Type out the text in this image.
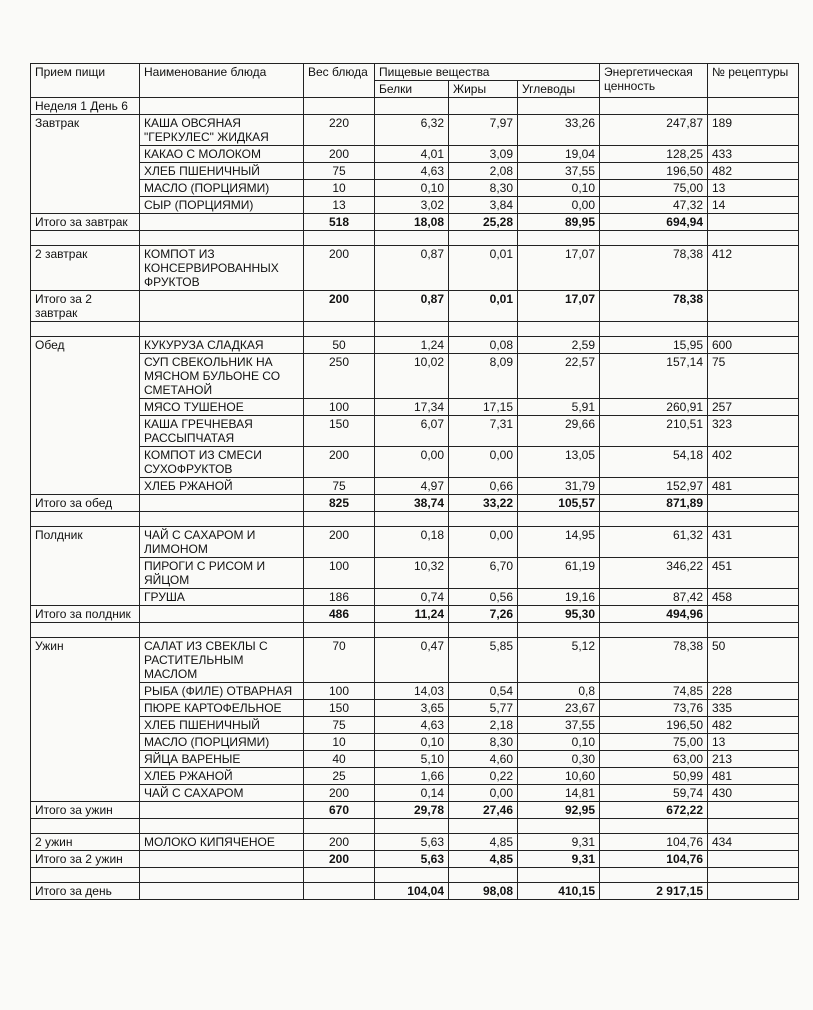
Прием пищи	Наименование блюда	Вес блюда	Пищевые вещества			Энергетическая ценность	№ рецептуры
			Белки	Жиры	Углеводы		
Неделя 1 День 6							
Завтрак	КАША ОВСЯНАЯ "ГЕРКУЛЕС" ЖИДКАЯ	220	6,32	7,97	33,26	247,87	189
	КАКАО С МОЛОКОМ	200	4,01	3,09	19,04	128,25	433
	ХЛЕБ ПШЕНИЧНЫЙ	75	4,63	2,08	37,55	196,50	482
	МАСЛО (ПОРЦИЯМИ)	10	0,10	8,30	0,10	75,00	13
	СЫР (ПОРЦИЯМИ)	13	3,02	3,84	0,00	47,32	14
Итого за завтрак		518	18,08	25,28	89,95	694,94	

2 завтрак	КОМПОТ ИЗ КОНСЕРВИРОВАННЫХ ФРУКТОВ	200	0,87	0,01	17,07	78,38	412
Итого за 2 завтрак		200	0,87	0,01	17,07	78,38	

Обед	КУКУРУЗА СЛАДКАЯ	50	1,24	0,08	2,59	15,95	600
	СУП СВЕКОЛЬНИК НА МЯСНОМ БУЛЬОНЕ СО СМЕТАНОЙ	250	10,02	8,09	22,57	157,14	75
	МЯСО ТУШЕНОЕ	100	17,34	17,15	5,91	260,91	257
	КАША ГРЕЧНЕВАЯ РАССЫПЧАТАЯ	150	6,07	7,31	29,66	210,51	323
	КОМПОТ ИЗ СМЕСИ СУХОФРУКТОВ	200	0,00	0,00	13,05	54,18	402
	ХЛЕБ РЖАНОЙ	75	4,97	0,66	31,79	152,97	481
Итого за обед		825	38,74	33,22	105,57	871,89	

Полдник	ЧАЙ С САХАРОМ И ЛИМОНОМ	200	0,18	0,00	14,95	61,32	431
	ПИРОГИ С РИСОМ И ЯЙЦОМ	100	10,32	6,70	61,19	346,22	451
	ГРУША	186	0,74	0,56	19,16	87,42	458
Итого за полдник		486	11,24	7,26	95,30	494,96	

Ужин	САЛАТ ИЗ СВЕКЛЫ С РАСТИТЕЛЬНЫМ МАСЛОМ	70	0,47	5,85	5,12	78,38	50
	РЫБА (ФИЛЕ) ОТВАРНАЯ	100	14,03	0,54	0,8	74,85	228
	ПЮРЕ КАРТОФЕЛЬНОЕ	150	3,65	5,77	23,67	73,76	335
	ХЛЕБ ПШЕНИЧНЫЙ	75	4,63	2,18	37,55	196,50	482
	МАСЛО (ПОРЦИЯМИ)	10	0,10	8,30	0,10	75,00	13
	ЯЙЦА ВАРЕНЫЕ	40	5,10	4,60	0,30	63,00	213
	ХЛЕБ РЖАНОЙ	25	1,66	0,22	10,60	50,99	481
	ЧАЙ С САХАРОМ	200	0,14	0,00	14,81	59,74	430
Итого за ужин		670	29,78	27,46	92,95	672,22	

2 ужин	МОЛОКО КИПЯЧЕНОЕ	200	5,63	4,85	9,31	104,76	434
Итого за 2 ужин		200	5,63	4,85	9,31	104,76	

Итого за день			104,04	98,08	410,15	2 917,15	
